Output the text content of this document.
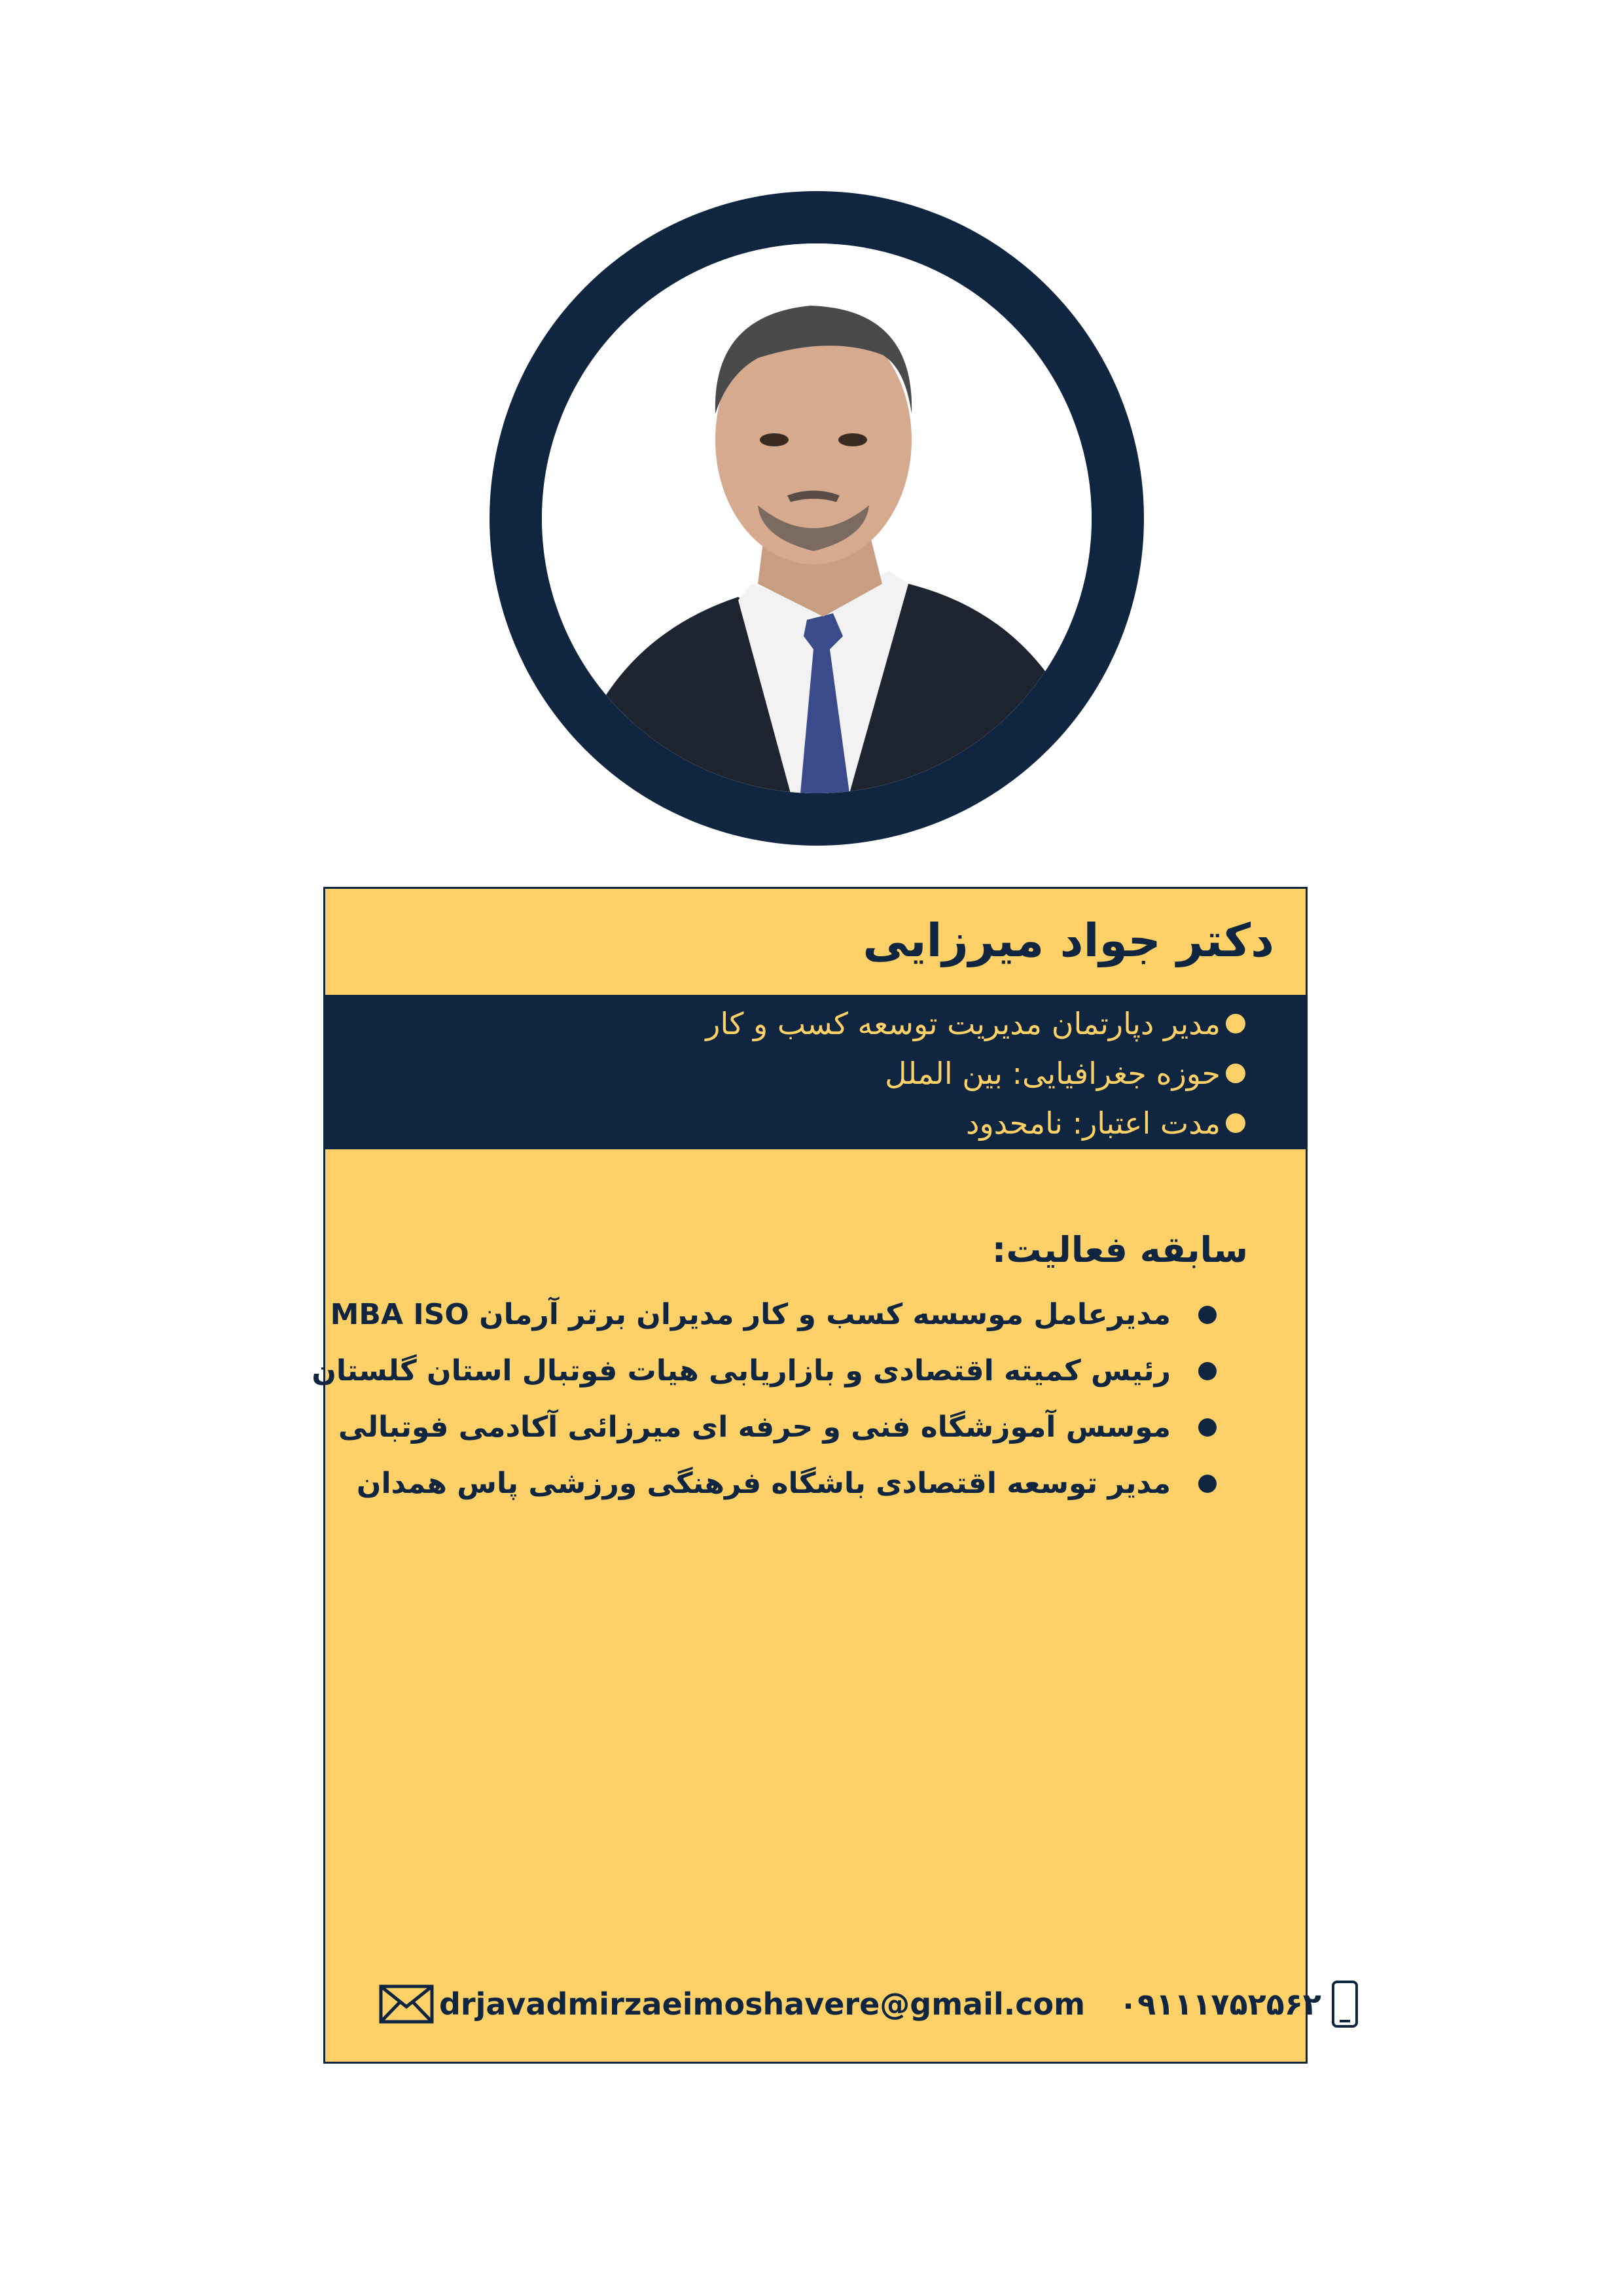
دکتر جواد میرزایی
مدیر دپارتمان مدیریت توسعه کسب و کار
حوزه جغرافیایی: بین الملل
مدت اعتبار: نامحدود
سابقه فعالیت:
مدیرعامل موسسه کسب و کار مدیران برتر آرمان MBA ISO
رئیس کمیته اقتصادی و بازاریابی هیات فوتبال استان گلستان
موسس آموزشگاه فنی و حرفه ای میرزائی آکادمی فوتبالی
مدیر توسعه اقتصادی باشگاه فرهنگی ورزشی پاس همدان
drjavadmirzaeimoshavere@gmail.com ۰۹۱۱۱۷۵۲۵۶۲
